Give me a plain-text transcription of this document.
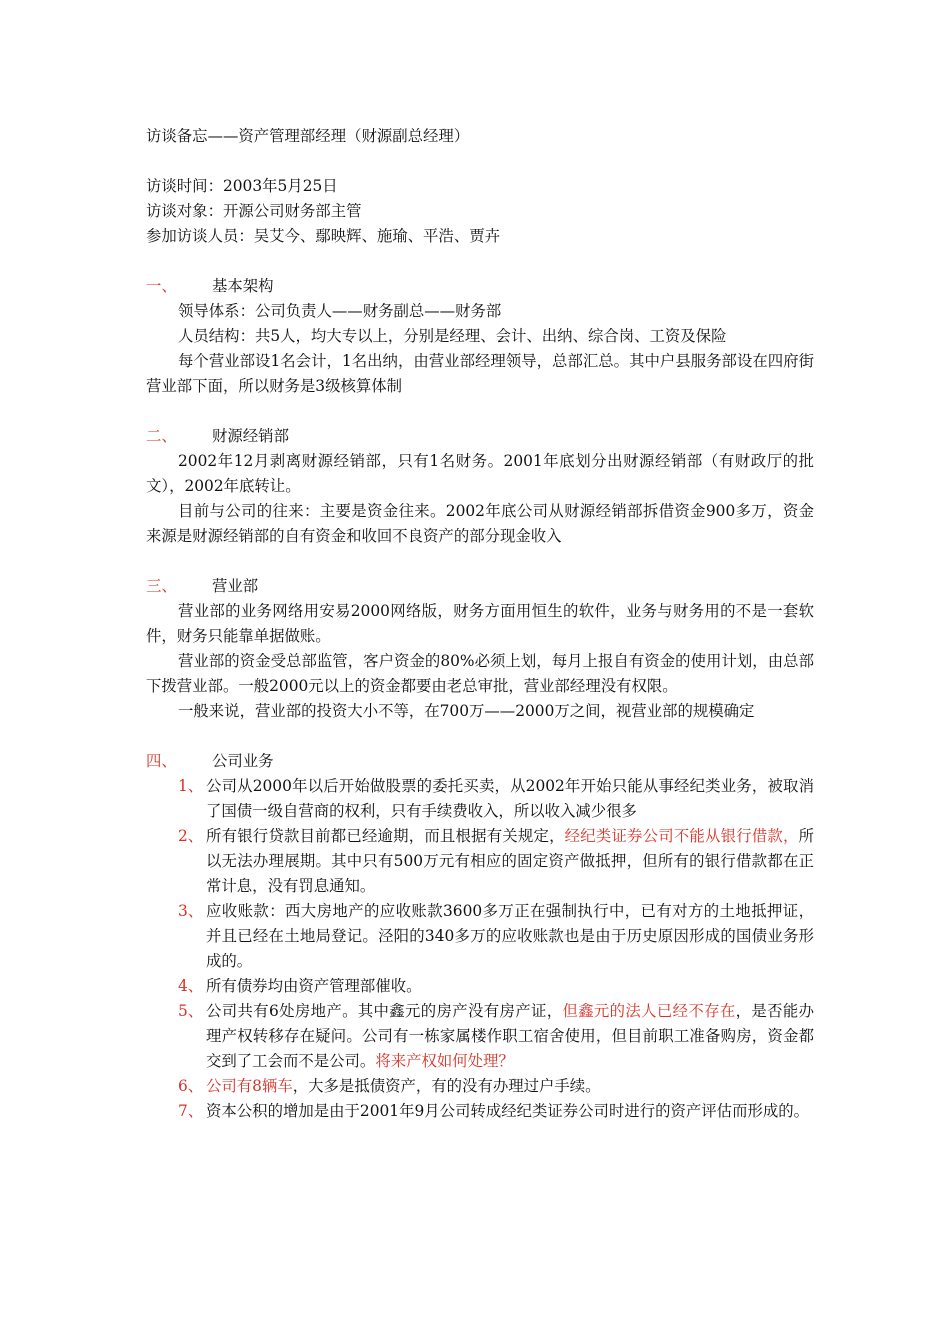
访谈备忘——资产管理部经理（财源副总经理）

访谈时间：2003年5月25日

访谈对象：开源公司财务部主管

参加访谈人员：吴艾今、鄢映辉、施瑜、平浩、贾卉

一、	基本架构

领导体系：公司负责人——财务副总——财务部

人员结构：共5人，均大专以上，分别是经理、会计、出纳、综合岗、工资及保险

每个营业部设1名会计，1名出纳，由营业部经理领导，总部汇总。其中户县服务部设在四府街营业部下面，所以财务是3级核算体制

二、	财源经销部

2002年12月剥离财源经销部，只有1名财务。2001年底划分出财源经销部（有财政厅的批文），2002年底转让。

目前与公司的往来：主要是资金往来。2002年底公司从财源经销部拆借资金900多万，资金来源是财源经销部的自有资金和收回不良资产的部分现金收入

三、	营业部

营业部的业务网络用安易2000网络版，财务方面用恒生的软件，业务与财务用的不是一套软件，财务只能靠单据做账。

营业部的资金受总部监管，客户资金的80%必须上划，每月上报自有资金的使用计划，由总部下拨营业部。一般2000元以上的资金都要由老总审批，营业部经理没有权限。

一般来说，营业部的投资大小不等，在700万——2000万之间，视营业部的规模确定

四、	公司业务
1、 公司从2000年以后开始做股票的委托买卖，从2002年开始只能从事经纪类业务，被取消了国债一级自营商的权利，只有手续费收入，所以收入减少很多
2、 所有银行贷款目前都已经逾期，而且根据有关规定，经纪类证券公司不能从银行借款，所以无法办理展期。其中只有500万元有相应的固定资产做抵押，但所有的银行借款都在正常计息，没有罚息通知。
3、 应收账款：西大房地产的应收账款3600多万正在强制执行中，已有对方的土地抵押证，并且已经在土地局登记。泾阳的340多万的应收账款也是由于历史原因形成的国债业务形成的。
4、 所有债券均由资产管理部催收。
5、 公司共有6处房地产。其中鑫元的房产没有房产证，但鑫元的法人已经不存在，是否能办理产权转移存在疑问。公司有一栋家属楼作职工宿舍使用，但目前职工准备购房，资金都交到了工会而不是公司。将来产权如何处理？
6、 公司有8辆车，大多是抵债资产，有的没有办理过户手续。
7、 资本公积的增加是由于2001年9月公司转成经纪类证券公司时进行的资产评估而形成的。
